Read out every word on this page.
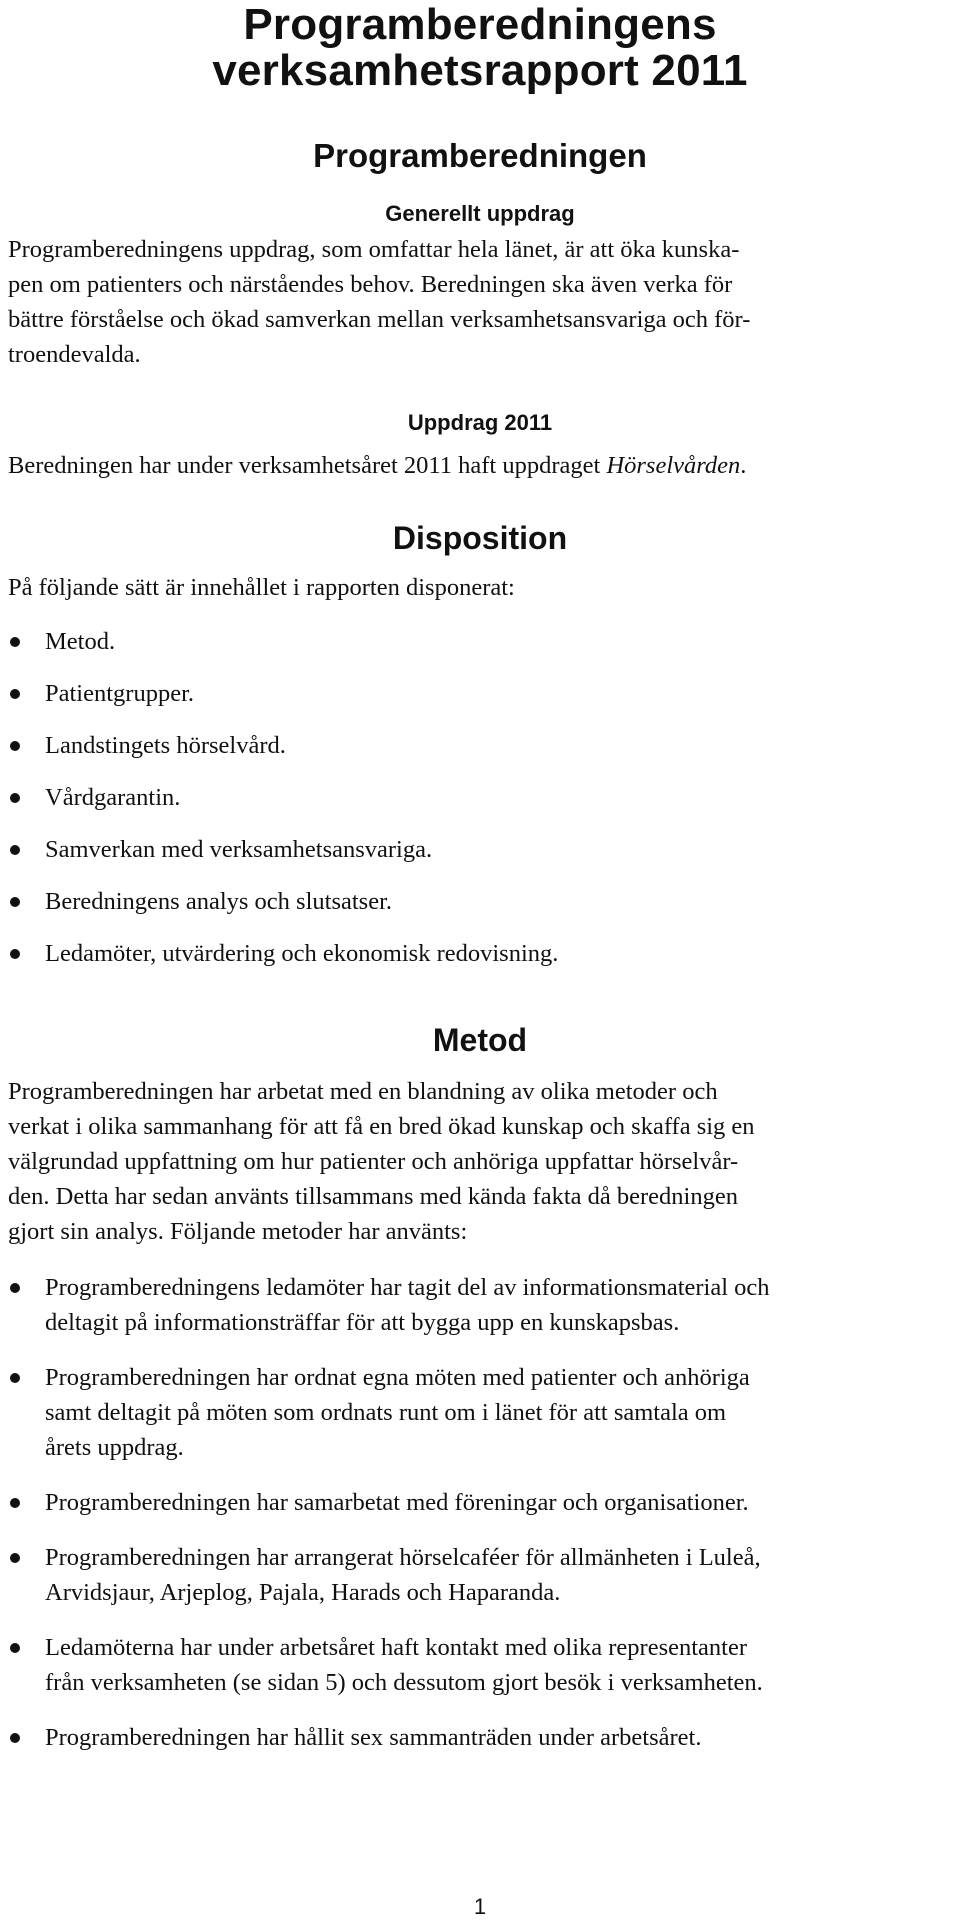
Programberedningens
verksamhetsrapport 2011
Programberedningen
Generellt uppdrag
Programberedningens uppdrag, som omfattar hela länet, är att öka kunska-
pen om patienters och närståendes behov. Beredningen ska även verka för
bättre förståelse och ökad samverkan mellan verksamhetsansvariga och för-
troendevalda.
Uppdrag 2011

Beredningen har under verksamhetsåret 2011 haft uppdraget Hörselvården.

Disposition

På följande sätt är innehållet i rapporten disponerat:

Metod.
Patientgrupper.
Landstingets hörselvård.
Vårdgarantin.
Samverkan med verksamhetsansvariga.
Beredningens analys och slutsatser.
Ledamöter, utvärdering och ekonomisk redovisning.
Metod
Programberedningen har arbetat med en blandning av olika metoder och
verkat i olika sammanhang för att få en bred ökad kunskap och skaffa sig en
välgrundad uppfattning om hur patienter och anhöriga uppfattar hörselvår-
den. Detta har sedan använts tillsammans med kända fakta då beredningen
gjort sin analys. Följande metoder har använts:
Programberedningens ledamöter har tagit del av informationsmaterial och
deltagit på informationsträffar för att bygga upp en kunskapsbas.
Programberedningen har ordnat egna möten med patienter och anhöriga
samt deltagit på möten som ordnats runt om i länet för att samtala om
årets uppdrag.
Programberedningen har samarbetat med föreningar och organisationer.
Programberedningen har arrangerat hörselcaféer för allmänheten i Luleå,
Arvidsjaur, Arjeplog, Pajala, Harads och Haparanda.
Ledamöterna har under arbetsåret haft kontakt med olika representanter
från verksamheten (se sidan 5) och dessutom gjort besök i verksamheten.
Programberedningen har hållit sex sammanträden under arbetsåret.
1
